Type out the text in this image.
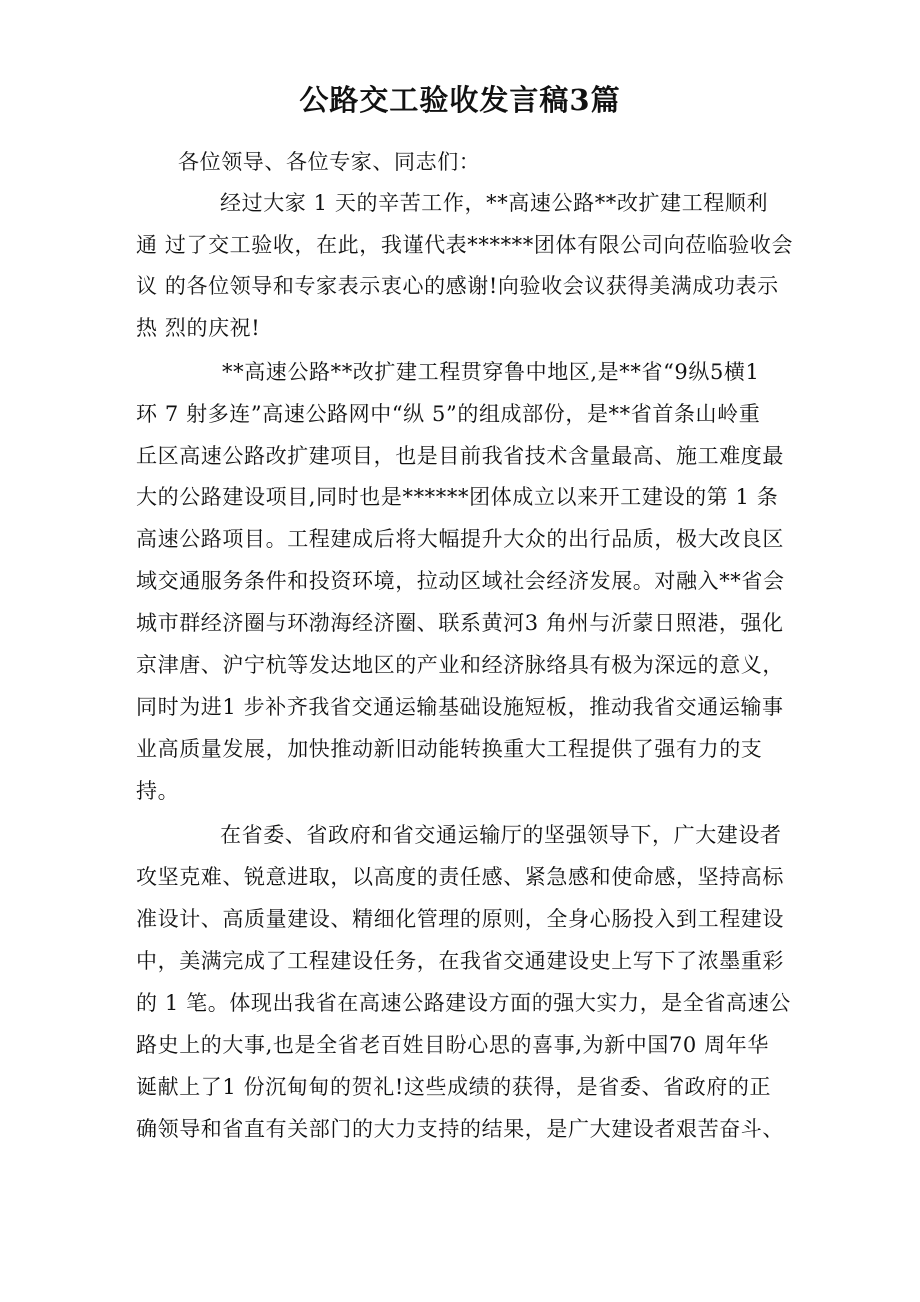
公路交工验收发言稿3篇
各位领导、各位专家、同志们：
经过大家 1 天的辛苦工作，**高速公路**改扩建工程顺利
通 过了交工验收，在此，我谨代表******团体有限公司向莅临验收会
议 的各位领导和专家表示衷心的感谢!向验收会议获得美满成功表示
热 烈的庆祝!
**高速公路**改扩建工程贯穿鲁中地区,是**省“9纵5横1
环 7 射多连”高速公路网中“纵 5”的组成部份，是**省首条山岭重
丘区高速公路改扩建项目，也是目前我省技术含量最高、施工难度最
大的公路建设项目,同时也是******团体成立以来开工建设的第 1 条
高速公路项目。工程建成后将大幅提升大众的出行品质，极大改良区
域交通服务条件和投资环境，拉动区域社会经济发展。对融入**省会
城市群经济圈与环渤海经济圈、联系黄河3 角州与沂蒙日照港，强化
京津唐、沪宁杭等发达地区的产业和经济脉络具有极为深远的意义，
同时为进1 步补齐我省交通运输基础设施短板，推动我省交通运输事
业高质量发展，加快推动新旧动能转换重大工程提供了强有力的支
持。
在省委、省政府和省交通运输厅的坚强领导下，广大建设者
攻坚克难、锐意进取，以高度的责任感、紧急感和使命感，坚持高标
准设计、高质量建设、精细化管理的原则，全身心肠投入到工程建设
中，美满完成了工程建设任务，在我省交通建设史上写下了浓墨重彩
的 1 笔。体现出我省在高速公路建设方面的强大实力，是全省高速公
路史上的大事,也是全省老百姓目盼心思的喜事,为新中国70 周年华
诞献上了1 份沉甸甸的贺礼!这些成绩的获得，是省委、省政府的正
确领导和省直有关部门的大力支持的结果，是广大建设者艰苦奋斗、
